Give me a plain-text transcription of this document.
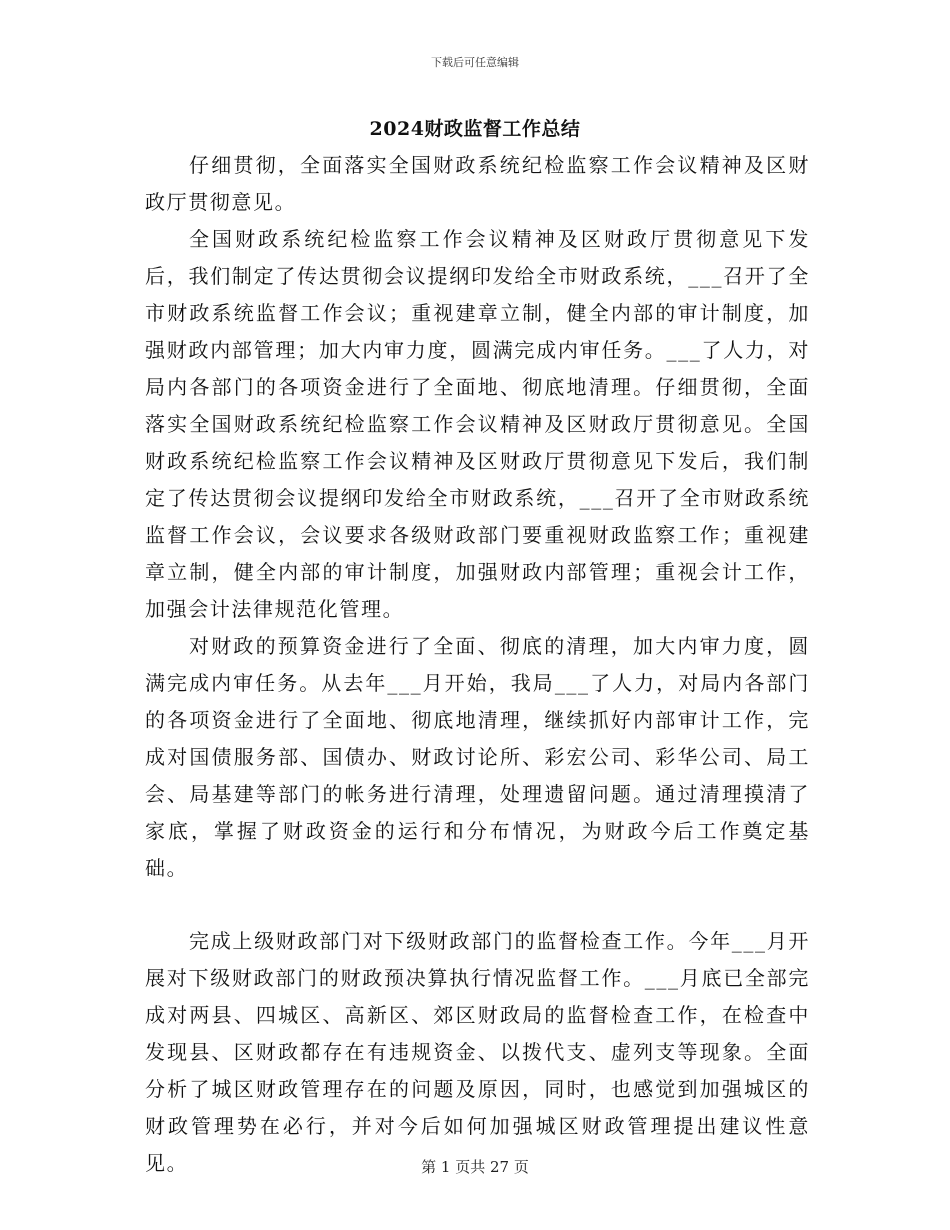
下载后可任意编辑
2024财政监督工作总结

仔细贯彻，全面落实全国财政系统纪检监察工作会议精神及区财政厅贯彻意见。

全国财政系统纪检监察工作会议精神及区财政厅贯彻意见下发后，我们制定了传达贯彻会议提纲印发给全市财政系统，___召开了全市财政系统监督工作会议；重视建章立制，健全内部的审计制度，加强财政内部管理；加大内审力度，圆满完成内审任务。___了人力，对局内各部门的各项资金进行了全面地、彻底地清理。仔细贯彻，全面落实全国财政系统纪检监察工作会议精神及区财政厅贯彻意见。全国财政系统纪检监察工作会议精神及区财政厅贯彻意见下发后，我们制定了传达贯彻会议提纲印发给全市财政系统，___召开了全市财政系统监督工作会议，会议要求各级财政部门要重视财政监察工作；重视建章立制，健全内部的审计制度，加强财政内部管理；重视会计工作，加强会计法律规范化管理。

对财政的预算资金进行了全面、彻底的清理，加大内审力度，圆满完成内审任务。从去年___月开始，我局___了人力，对局内各部门的各项资金进行了全面地、彻底地清理，继续抓好内部审计工作，完成对国债服务部、国债办、财政讨论所、彩宏公司、彩华公司、局工会、局基建等部门的帐务进行清理，处理遗留问题。通过清理摸清了家底，掌握了财政资金的运行和分布情况，为财政今后工作奠定基础。

完成上级财政部门对下级财政部门的监督检查工作。今年___月开展对下级财政部门的财政预决算执行情况监督工作。___月底已全部完成对两县、四城区、高新区、郊区财政局的监督检查工作，在检查中发现县、区财政都存在有违规资金、以拨代支、虚列支等现象。全面分析了城区财政管理存在的问题及原因，同时，也感觉到加强城区的财政管理势在必行，并对今后如何加强城区财政管理提出建议性意见。	第 1 页共 27 页
